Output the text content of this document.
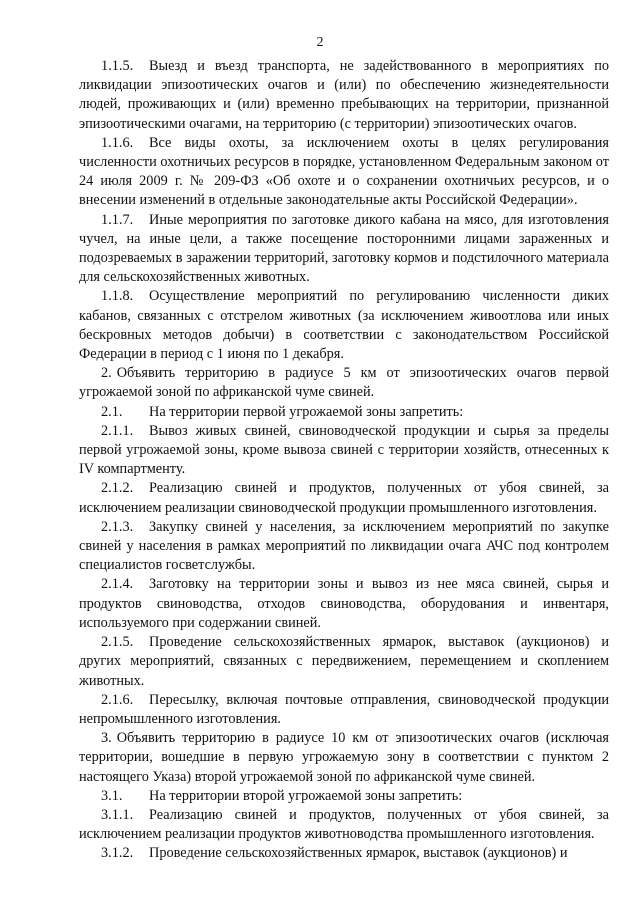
2

1.1.5. Выезд и въезд транспорта, не задействованного в мероприятиях по ликвидации эпизоотических очагов и (или) по обеспечению жизнедеятельности людей, проживающих и (или) временно пребывающих на территории, признанной эпизоотическими очагами, на территорию (с территории) эпизоотических очагов.

1.1.6. Все виды охоты, за исключением охоты в целях регулирования численности охотничьих ресурсов в порядке, установленном Федеральным законом от 24 июля 2009 г. № 209-ФЗ «Об охоте и о сохранении охотничьих ресурсов, и о внесении изменений в отдельные законодательные акты Российской Федерации».

1.1.7. Иные мероприятия по заготовке дикого кабана на мясо, для изготовления чучел, на иные цели, а также посещение посторонними лицами зараженных и подозреваемых в заражении территорий, заготовку кормов и подстилочного материала для сельскохозяйственных животных.

1.1.8. Осуществление мероприятий по регулированию численности диких кабанов, связанных с отстрелом животных (за исключением живоотлова или иных бескровных методов добычи) в соответствии с законодательством Российской Федерации в период с 1 июня по 1 декабря.

2. Объявить территорию в радиусе 5 км от эпизоотических очагов первой угрожаемой зоной по африканской чуме свиней.

2.1. На территории первой угрожаемой зоны запретить:

2.1.1. Вывоз живых свиней, свиноводческой продукции и сырья за пределы первой угрожаемой зоны, кроме вывоза свиней с территории хозяйств, отнесенных к IV компартменту.

2.1.2. Реализацию свиней и продуктов, полученных от убоя свиней, за исключением реализации свиноводческой продукции промышленного изготовления.

2.1.3. Закупку свиней у населения, за исключением мероприятий по закупке свиней у населения в рамках мероприятий по ликвидации очага АЧС под контролем специалистов госветслужбы.

2.1.4. Заготовку на территории зоны и вывоз из нее мяса свиней, сырья и продуктов свиноводства, отходов свиноводства, оборудования и инвентаря, используемого при содержании свиней.

2.1.5. Проведение сельскохозяйственных ярмарок, выставок (аукционов) и других мероприятий, связанных с передвижением, перемещением и скоплением животных.

2.1.6. Пересылку, включая почтовые отправления, свиноводческой продукции непромышленного изготовления.

3. Объявить территорию в радиусе 10 км от эпизоотических очагов (исключая территории, вошедшие в первую угрожаемую зону в соответствии с пунктом 2 настоящего Указа) второй угрожаемой зоной по африканской чуме свиней.

3.1. На территории второй угрожаемой зоны запретить:

3.1.1. Реализацию свиней и продуктов, полученных от убоя свиней, за исключением реализации продуктов животноводства промышленного изготовления.

3.1.2. Проведение сельскохозяйственных ярмарок, выставок (аукционов) и
